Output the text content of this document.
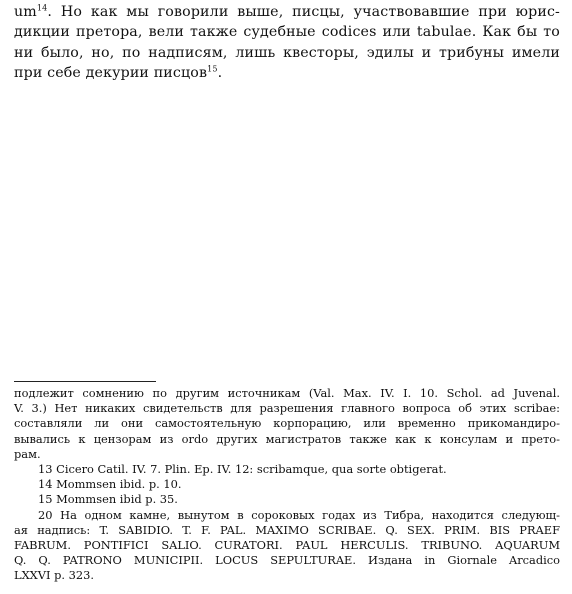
$um^{14}$. Но как мы говорили выше, писцы, участвовавшие при юрис-
дикции претора, вели также судебные codices или tabulae. Как бы то
ни было, но, по надписям, лишь квесторы, эдилы и трибуны имели
при себе декурии писцов$^{15}$.
подлежит сомнению по другим источникам (Val. Max. IV. I. 10. Schol. ad Juvenal.
V. 3.) Нет никаких свидетельств для разрешения главного вопроса об этих scribae:
составляли ли они самостоятельную корпорацию, или временно прикомандиро-
вывались к цензорам из ordo других магистратов также как к консулам и прето-
рам.
13 Cicero Catil. IV. 7. Plin. Ep. IV. 12: scribamque, qua sorte obtigerat.
14 Mommsen ibid. p. 10.
15 Mommsen ibid p. 35.
20 На одном камне, вынутом в сороковых годах из Тибра, находится следующ-
ая надпись: T. SABIDIO. T. F. PAL. MAXIMO SCRIBAE. Q. SEX. PRIM. BIS PRAEF
FABRUM. PONTIFICI SALIO. CURATORI. PAUL HERCULIS. TRIBUNO. AQUARUM
Q. Q. PATRONO MUNICIPII. LOCUS SEPULTURAE. Издана in Giornale Arcadico
LXXVI p. 323.
